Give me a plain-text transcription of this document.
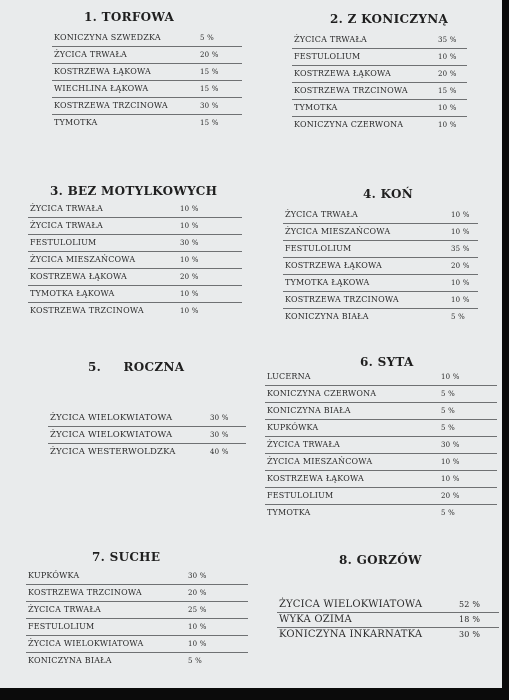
1. TORFOWA
KONICZYNA SZWEDZKA	5 %
ŻYCICA TRWAŁA	20 %
KOSTRZEWA ŁĄKOWA	15 %
WIECHLINA ŁĄKOWA	15 %
KOSTRZEWA TRZCINOWA	30 %
TYMOTKA	15 %
2. Z KONICZYNĄ
ŻYCICA TRWAŁA	35 %
FESTULOLIUM	10 %
KOSTRZEWA ŁĄKOWA	20 %
KOSTRZEWA TRZCINOWA	15 %
TYMOTKA	10 %
KONICZYNA CZERWONA	10 %
3. BEZ MOTYLKOWYCH
ŻYCICA TRWAŁA	10 %
ŻYCICA TRWAŁA	10 %
FESTULOLIUM	30 %
ŻYCICA MIESZAŃCOWA	10 %
KOSTRZEWA ŁĄKOWA	20 %
TYMOTKA ŁĄKOWA	10 %
KOSTRZEWA TRZCINOWA	10 %
4. KOŃ
ŻYCICA TRWAŁA	10 %
ŻYCICA MIESZAŃCOWA	10 %
FESTULOLIUM	35 %
KOSTRZEWA ŁĄKOWA	20 %
TYMOTKA ŁĄKOWA	10 %
KOSTRZEWA TRZCINOWA	10 %
KONICZYNA BIAŁA	5 %
5.     ROCZNA
ŻYCICA WIELOKWIATOWA	30 %
ŻYCICA WIELOKWIATOWA	30 %
ŻYCICA WESTERWOLDZKA	40 %
6. SYTA
LUCERNA	10 %
KONICZYNA CZERWONA	5 %
KONICZYNA BIAŁA	5 %
KUPKÓWKA	5 %
ŻYCICA TRWAŁA	30 %
ŻYCICA MIESZAŃCOWA	10 %
KOSTRZEWA ŁĄKOWA	10 %
FESTULOLIUM	20 %
TYMOTKA	5 %
7. SUCHE
KUPKÓWKA	30 %
KOSTRZEWA TRZCINOWA	20 %
ŻYCICA TRWAŁA	25 %
FESTULOLIUM	10 %
ŻYCICA WIELOKWIATOWA	10 %
KONICZYNA BIAŁA	5 %
8. GORZÓW
ŻYCICA WIELOKWIATOWA	52 %
WYKA OZIMA	18 %
KONICZYNA INKARNATKA	30 %
